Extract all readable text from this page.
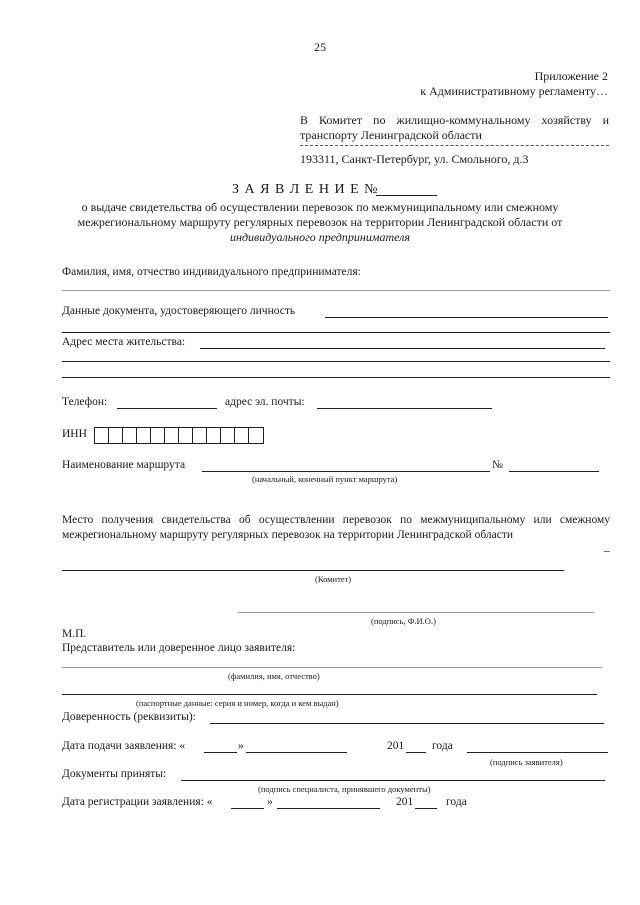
25
Приложение 2
к Административному регламенту…
В Комитет по жилищно-коммунальному хозяйству и
транспорту Ленинградской области
193311, Санкт-Петербург, ул. Смольного, д.3
З А Я В Л Е Н И Е №
о выдаче свидетельства об осуществлении перевозок по межмуниципальному или смежному
межрегиональному маршруту регулярных перевозок на территории Ленинградской области от
индивидуального предпринимателя
Фамилия, имя, отчество индивидуального предпринимателя:
Данные документа, удостоверяющего личность
Адрес места жительства:
Телефон:	адрес эл. почты:
ИНН
Наименование маршрута	№
(начальный, конечный пункт маршрута)
Место получения свидетельства об осуществлении перевозок по межмуниципальному или смежному межрегиональному маршруту регулярных перевозок на территории Ленинградской области
–
(Комитет)
(подпись, Ф.И.О.)
М.П.
Представитель или доверенное лицо заявителя:
(фамилия, имя, отчество)
(паспортные данные: серия и номер, когда и кем выдан)
Доверенность (реквизиты):
Дата подачи заявления: «	»	201 года
(подпись заявителя)
Документы приняты:
(подпись специалиста, принявшего документы)
Дата регистрации заявления: «	»	201	года
